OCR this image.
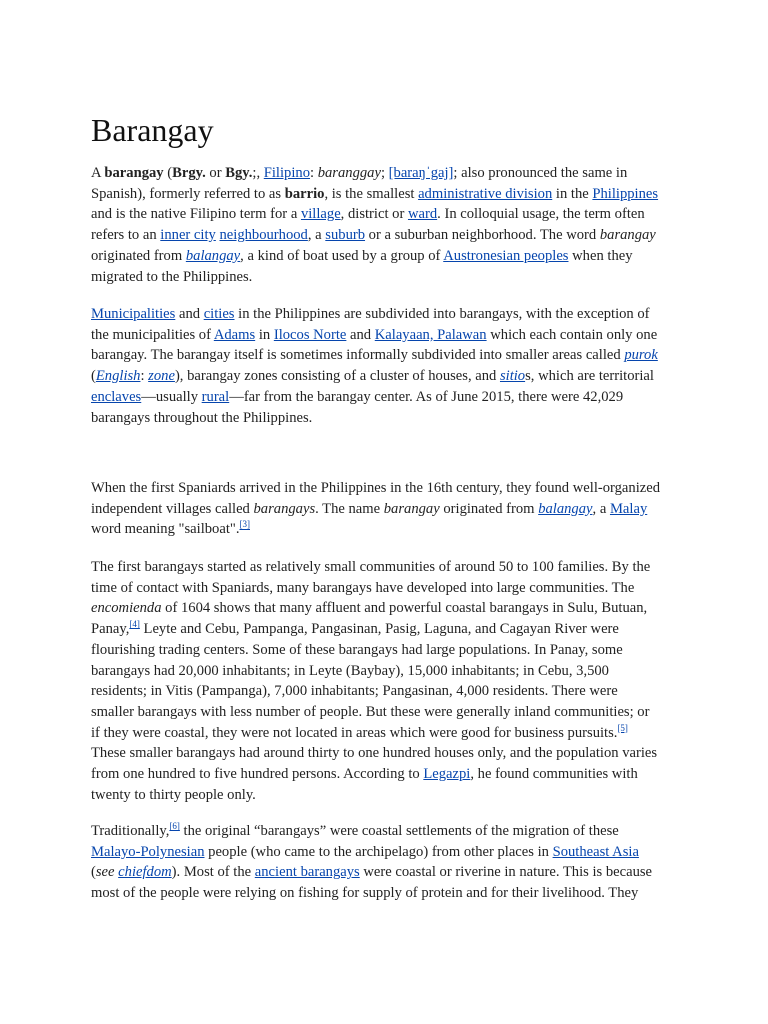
Barangay
A barangay (Brgy. or Bgy.;, Filipino: baranggay; [baraŋˈgaj]; also pronounced the same in
Spanish), formerly referred to as barrio, is the smallest administrative division in the Philippines
and is the native Filipino term for a village, district or ward. In colloquial usage, the term often
refers to an inner city neighbourhood, a suburb or a suburban neighborhood. The word barangay
originated from balangay, a kind of boat used by a group of Austronesian peoples when they
migrated to the Philippines.
Municipalities and cities in the Philippines are subdivided into barangays, with the exception of
the municipalities of Adams in Ilocos Norte and Kalayaan, Palawan which each contain only one
barangay. The barangay itself is sometimes informally subdivided into smaller areas called purok
(English: zone), barangay zones consisting of a cluster of houses, and sitios, which are territorial
enclaves—usually rural—far from the barangay center. As of June 2015, there were 42,029
barangays throughout the Philippines.
When the first Spaniards arrived in the Philippines in the 16th century, they found well-organized
independent villages called barangays. The name barangay originated from balangay, a Malay
word meaning "sailboat".[3]
The first barangays started as relatively small communities of around 50 to 100 families. By the
time of contact with Spaniards, many barangays have developed into large communities. The
encomienda of 1604 shows that many affluent and powerful coastal barangays in Sulu, Butuan,
Panay,[4] Leyte and Cebu, Pampanga, Pangasinan, Pasig, Laguna, and Cagayan River were
flourishing trading centers. Some of these barangays had large populations. In Panay, some
barangays had 20,000 inhabitants; in Leyte (Baybay), 15,000 inhabitants; in Cebu, 3,500
residents; in Vitis (Pampanga), 7,000 inhabitants; Pangasinan, 4,000 residents. There were
smaller barangays with less number of people. But these were generally inland communities; or
if they were coastal, they were not located in areas which were good for business pursuits.[5]
These smaller barangays had around thirty to one hundred houses only, and the population varies
from one hundred to five hundred persons. According to Legazpi, he found communities with
twenty to thirty people only.
Traditionally,[6] the original “barangays” were coastal settlements of the migration of these
Malayo-Polynesian people (who came to the archipelago) from other places in Southeast Asia
(see chiefdom). Most of the ancient barangays were coastal or riverine in nature. This is because
most of the people were relying on fishing for supply of protein and for their livelihood. They
